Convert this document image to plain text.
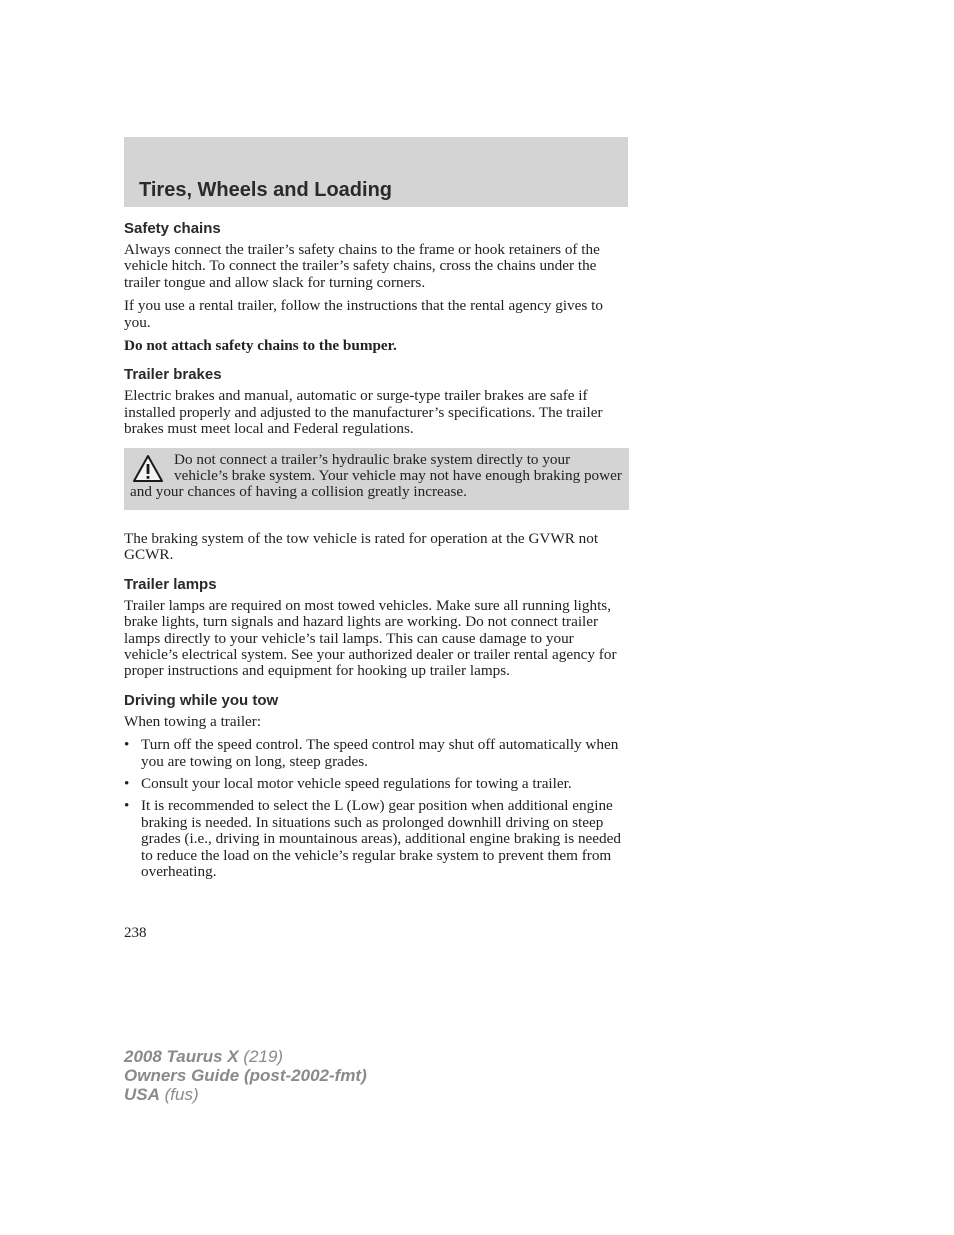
Tires, Wheels and Loading
Safety chains

Always connect the trailer’s safety chains to the frame or hook retainers of the vehicle hitch. To connect the trailer’s safety chains, cross the chains under the trailer tongue and allow slack for turning corners.

If you use a rental trailer, follow the instructions that the rental agency gives to you.

Do not attach safety chains to the bumper.

Trailer brakes

Electric brakes and manual, automatic or surge-type trailer brakes are safe if installed properly and adjusted to the manufacturer’s specifications. The trailer brakes must meet local and Federal regulations.

Do not connect a trailer’s hydraulic brake system directly to your vehicle’s brake system. Your vehicle may not have enough braking power and your chances of having a collision greatly increase.

The braking system of the tow vehicle is rated for operation at the GVWR not GCWR.

Trailer lamps

Trailer lamps are required on most towed vehicles. Make sure all running lights, brake lights, turn signals and hazard lights are working. Do not connect trailer lamps directly to your vehicle’s tail lamps. This can cause damage to your vehicle’s electrical system. See your authorized dealer or trailer rental agency for proper instructions and equipment for hooking up trailer lamps.

Driving while you tow

When towing a trailer:

• Turn off the speed control. The speed control may shut off automatically when you are towing on long, steep grades.
• Consult your local motor vehicle speed regulations for towing a trailer.
• It is recommended to select the L (Low) gear position when additional engine braking is needed. In situations such as prolonged downhill driving on steep grades (i.e., driving in mountainous areas), additional engine braking is needed to reduce the load on the vehicle’s regular brake system to prevent them from overheating.
238
2008 Taurus X (219)
Owners Guide (post-2002-fmt)
USA (fus)
